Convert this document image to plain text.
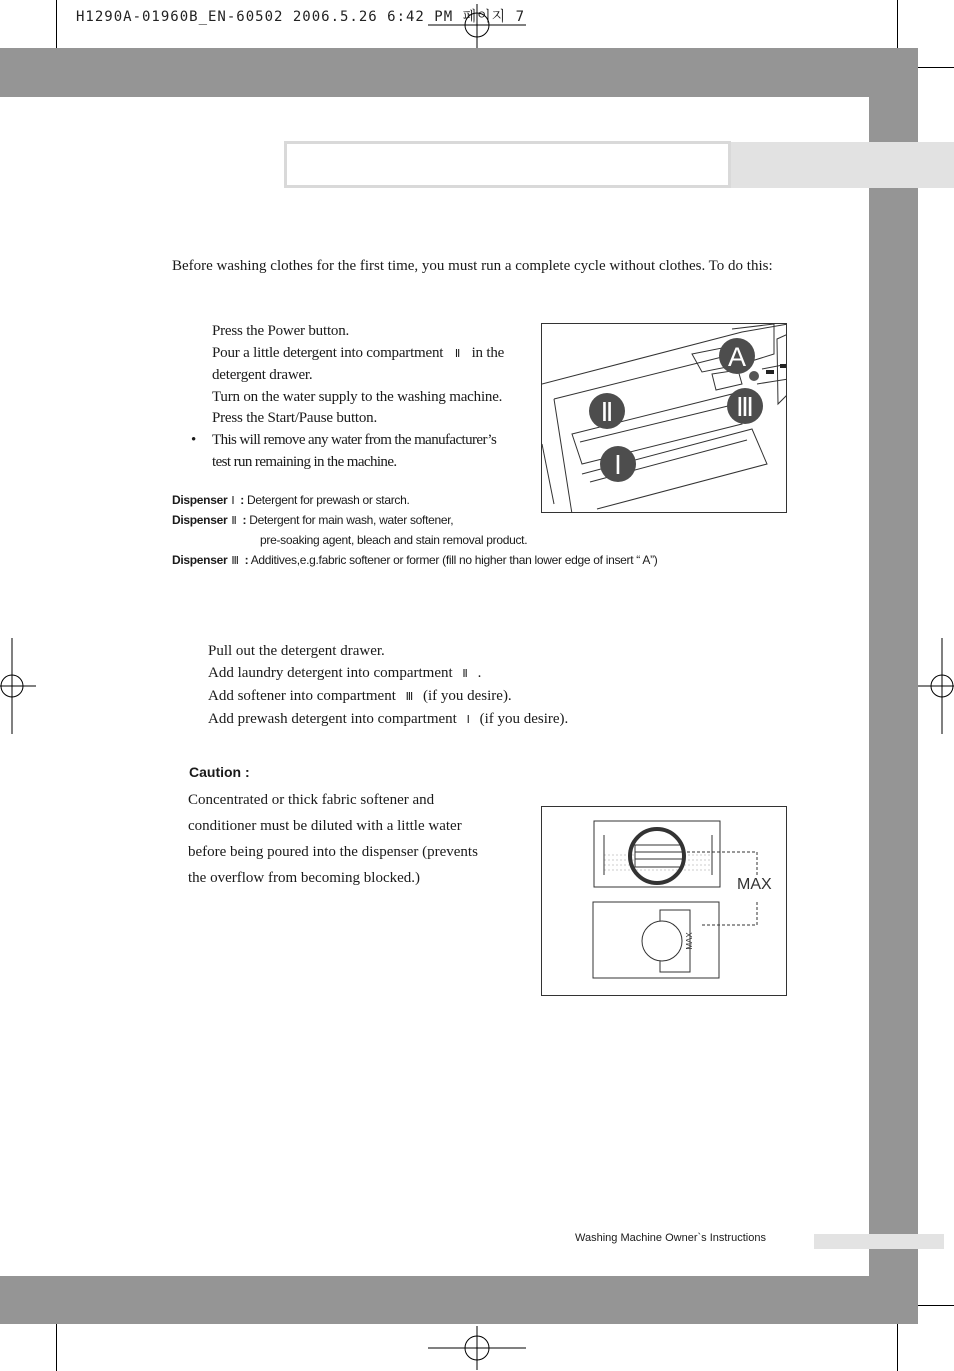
H1290A-01960B_EN-60502 2006.5.26 6:42 PM 페이지 7
Before washing clothes for the first time, you must run a complete cycle without clothes. To do this:
Press the Power button.
Pour a little detergent into compartment Ⅱ in the
detergent drawer.
Turn on the water supply to the washing machine.
Press the Start/Pause button.
• This will remove any water from the manufacturer’s
test run remaining in the machine.
A
Ⅱ	Ⅲ
Ⅰ
Dispenser Ⅰ : Detergent for prewash or starch.
Dispenser Ⅱ : Detergent for main wash, water softener,
pre-soaking agent, bleach and stain removal product.
Dispenser Ⅲ : Additives,e.g.fabric softener or former (fill no higher than lower edge of insert “ A”)
Pull out the detergent drawer.
Add laundry detergent into compartment Ⅱ .
Add softener into compartment Ⅲ (if you desire).
Add prewash detergent into compartment Ⅰ (if you desire).
Caution :
Concentrated or thick fabric softener and
conditioner must be diluted with a little water
before being poured into the dispenser (prevents
the overflow from becoming blocked.)
MAX
MAX
Washing Machine Owner`s Instructions
